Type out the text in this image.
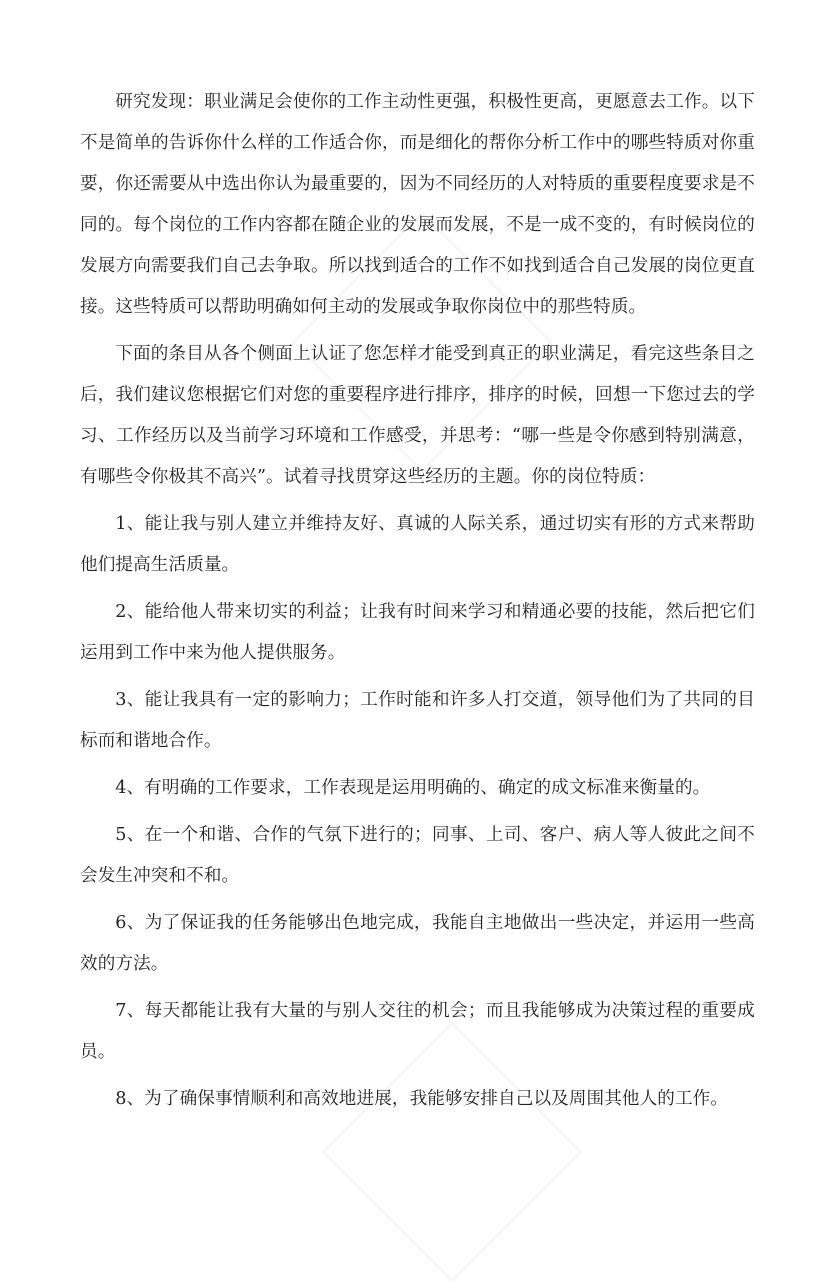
研究发现：职业满足会使你的工作主动性更强，积极性更高，更愿意去工作。以下不是简单的告诉你什么样的工作适合你，而是细化的帮你分析工作中的哪些特质对你重要，你还需要从中选出你认为最重要的，因为不同经历的人对特质的重要程度要求是不同的。每个岗位的工作内容都在随企业的发展而发展，不是一成不变的，有时候岗位的发展方向需要我们自己去争取。所以找到适合的工作不如找到适合自己发展的岗位更直接。这些特质可以帮助明确如何主动的发展或争取你岗位中的那些特质。

下面的条目从各个侧面上认证了您怎样才能受到真正的职业满足，看完这些条目之后，我们建议您根据它们对您的重要程序进行排序，排序的时候，回想一下您过去的学习、工作经历以及当前学习环境和工作感受，并思考：“哪一些是令你感到特别满意，有哪些令你极其不高兴”。试着寻找贯穿这些经历的主题。你的岗位特质：

1、能让我与别人建立并维持友好、真诚的人际关系，通过切实有形的方式来帮助他们提高生活质量。

2、能给他人带来切实的利益；让我有时间来学习和精通必要的技能，然后把它们运用到工作中来为他人提供服务。

3、能让我具有一定的影响力；工作时能和许多人打交道，领导他们为了共同的目标而和谐地合作。

4、有明确的工作要求，工作表现是运用明确的、确定的成文标准来衡量的。

5、在一个和谐、合作的气氛下进行的；同事、上司、客户、病人等人彼此之间不会发生冲突和不和。

6、为了保证我的任务能够出色地完成，我能自主地做出一些决定，并运用一些高效的方法。

7、每天都能让我有大量的与别人交往的机会；而且我能够成为决策过程的重要成员。

8、为了确保事情顺利和高效地进展，我能够安排自己以及周围其他人的工作。
